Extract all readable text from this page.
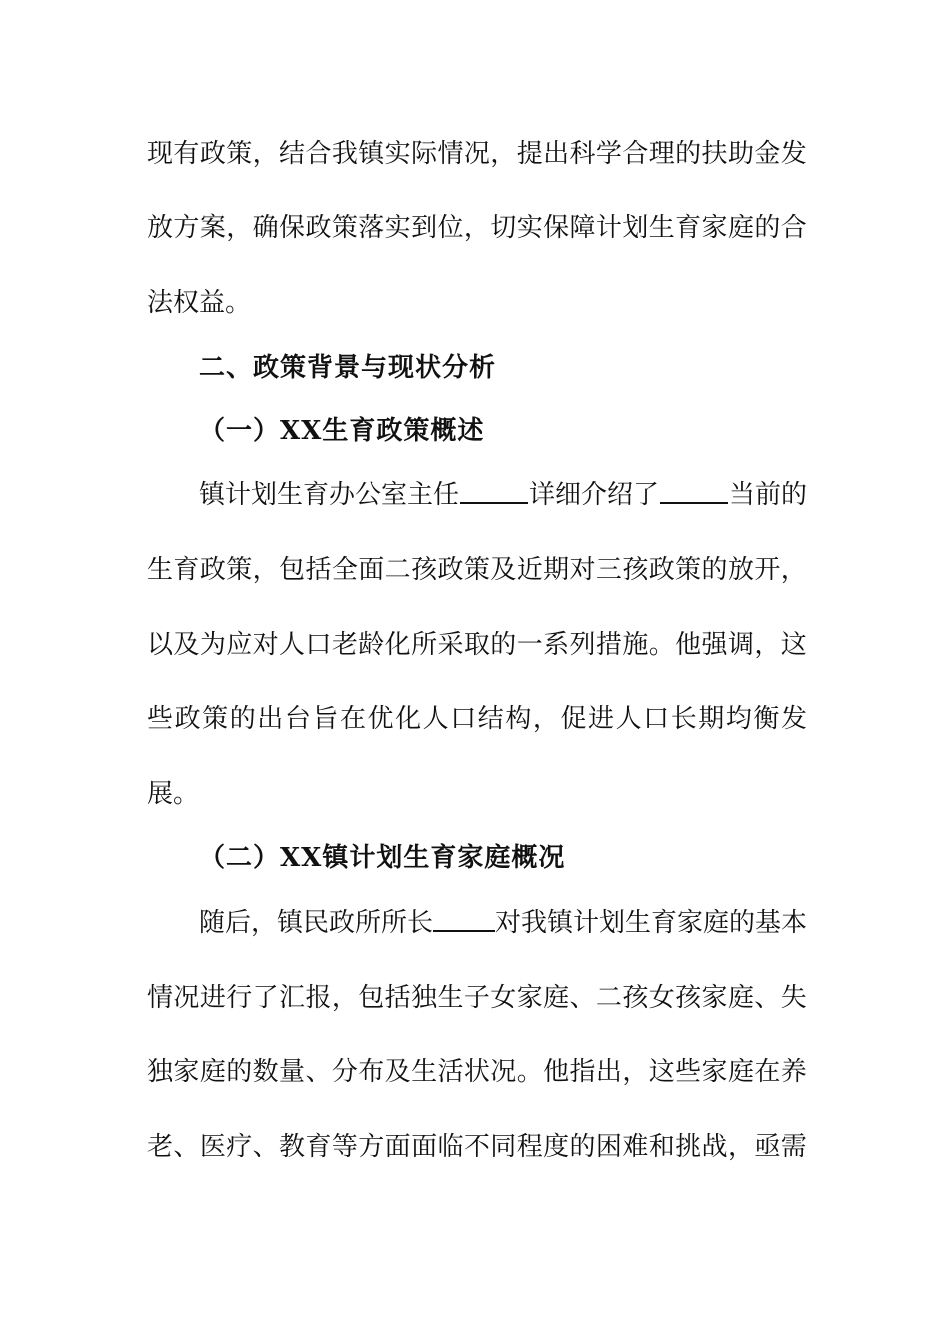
现 有 政 策 ， 结 合 我 镇 实 际 情 况 ， 提 出 科 学 合 理 的 扶 助 金 发
放 方 案 ， 确 保 政 策 落 实 到 位 ， 切 实 保 障 计 划 生 育 家 庭 的 合
法权益。
二、政策背景与现状分析
（一）XX生育政策概述
镇计划生育办公室主任	详细介绍了	当前的
生 育 政 策 ， 包 括 全 面 二 孩 政 策 及 近 期 对 三 孩 政 策 的 放 开 ，
以 及 为 应 对 人 口 老 龄 化 所 采 取 的 一 系 列 措 施 。 他 强 调 ， 这
些 政 策 的 出 台 旨 在 优 化 人 口 结 构 ， 促 进 人 口 长 期 均 衡 发
展。
（二）XX镇计划生育家庭概况
随后，镇民政所所长 对我镇计划生育家庭的基本
情 况 进 行 了 汇 报 ， 包 括 独 生 子 女 家 庭 、 二 孩 女 孩 家 庭 、 失
独 家 庭 的 数 量 、 分 布 及 生 活 状 况 。 他 指 出 ， 这 些 家 庭 在 养
老 、 医 疗 、 教 育 等 方 面 面 临 不 同 程 度 的 困 难 和 挑 战 ， 亟 需
